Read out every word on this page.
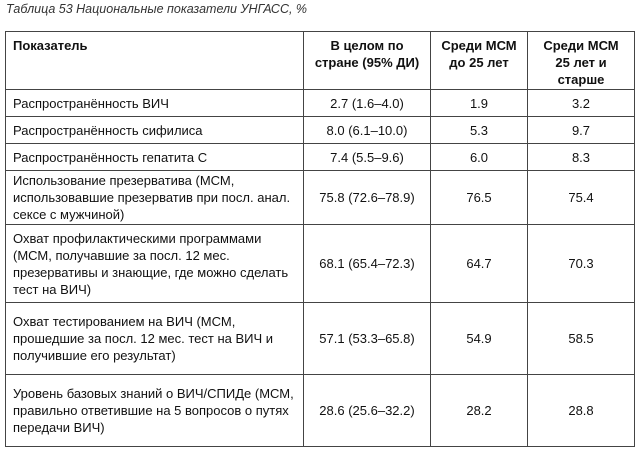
Таблица 53 Национальные показатели УНГАСС, %
Показатель	В целом по стране (95% ДИ)	Среди МСМ до 25 лет	Среди МСМ 25 лет и старше
Распространённость ВИЧ	2.7 (1.6–4.0)	1.9	3.2
Распространённость сифилиса	8.0 (6.1–10.0)	5.3	9.7
Распространённость гепатита С	7.4 (5.5–9.6)	6.0	8.3
Использование презерватива (МСМ, использовавшие презерватив при посл. анал. сексе с мужчиной)	75.8 (72.6–78.9)	76.5	75.4
Охват профилактическими программами (МСМ, получавшие за посл. 12 мес. презервативы и знающие, где можно сделать тест на ВИЧ)	68.1 (65.4–72.3)	64.7	70.3
Охват тестированием на ВИЧ (МСМ, прошедшие за посл. 12 мес. тест на ВИЧ и получившие его результат)	57.1 (53.3–65.8)	54.9	58.5
Уровень базовых знаний о ВИЧ/СПИДе (МСМ, правильно ответившие на 5 вопросов о путях передачи ВИЧ)	28.6 (25.6–32.2)	28.2	28.8
